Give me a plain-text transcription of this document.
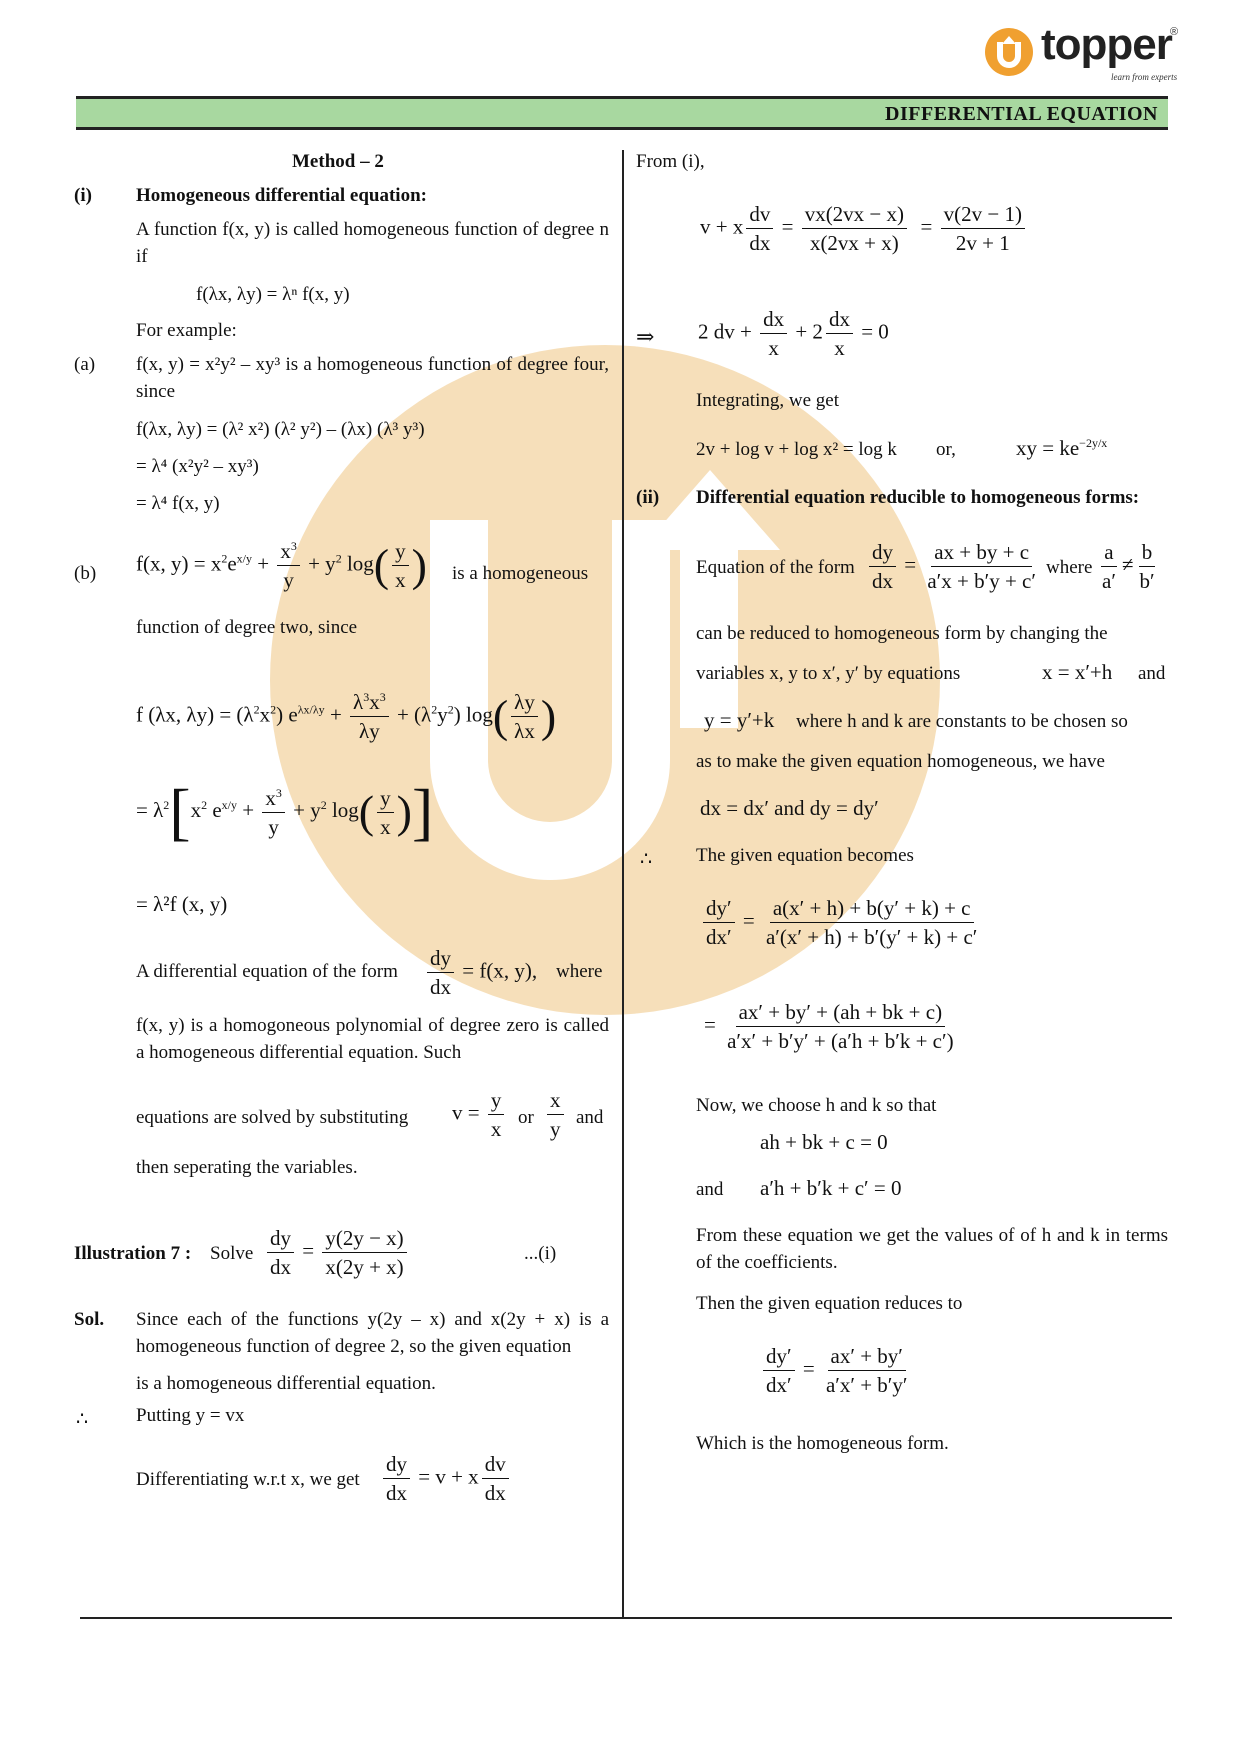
topper
®
learn from experts
DIFFERENTIAL EQUATION
Method – 2
(i) Homogeneous differential equation:
A function f(x, y) is called homogeneous function of degree n if
f(λx, λy) = λⁿ f(x, y)
For example:
(a) f(x, y) = x²y² – xy³ is a homogeneous function of degree four, since
f(λx, λy) = (λ² x²) (λ² y²) – (λx) (λ³ y³)
= λ⁴ (x²y² – xy³)
= λ⁴ f(x, y)
(b) f(x, $y) = x^2e^{x/y} + \frac{x^3}{y} + y^2$ $\log( \frac{y}{x}$ ) is a homogeneous
function of degree two, since
f (λx, $\lambda y) = (\lambda^2x^2) e^{\lambda x/\lambda y} + \frac{\lambda^3x^3}{\lambda y} + (\lambda^2y^2)$ $\log( \frac{\lambda y}{\lambda x}$ )
= $\lambda^2[x^2$ $e^{x/y} + \frac{x^3}{y} + y^2$ $\log( \frac{y}{x}$ )]
= λ²f (x, y)
A differential equation of the form $\frac{dy}{dx} = f(x$, y), where
f(x, y) is a homogoneous polynomial of degree zero is called a homogeneous differential equation. Such
equations are solved by substituting $v = \frac{y}{x}$ or $\frac{x}{y}$ and
then seperating the variables.
Illustration 7 : Solve $\frac{dy}{dx} = \frac{y(2y - x)}{x(2y + x)}$	...(i)
Sol. Since each of the functions y(2y – x) and x(2y + x) is a homogeneous function of degree 2, so the given equation
is a homogeneous differential equation.
∴	Putting y = vx
Differentiating w.r.t x, we get $\frac{dy}{dx} = v + x \frac{dv}{dx}$
From (i),
v + x $\frac{dv}{dx} = \frac{vx(2vx - x)}{x(2vx + x)} = \frac{v(2v - 1)}{2v + 1}$
⇒ 2 dv + $\frac{dx}{x} + 2 \frac{dx}{x} = 0$
Integrating, we get
2v + log v + log x² = log k or,	xy = $ke^{-2y/x}$
(ii) Differential equation reducible to homogeneous forms:
Equation of the form $\frac{dy}{dx} = \frac{ax + by + c}{a'x + b'y + c'}$ where $\frac{a}{a'} \ne \frac{b}{b'}$
can be reduced to homogeneous form by changing the
variables x, y to x′, y′ by equations	x = x′+h and
y = y′+k where h and k are constants to be chosen so
as to make the given equation homogeneous, we have
dx = dx′ and dy = dy′
∴ The given equation becomes
$\frac{dy'}{dx'} = \frac{a(x' + h) + b(y' + k) + c}{a'(x' + h) + b'(y' + k) + c'}$
= $\frac{ax' + by' + (ah + bk + c)}{a'x' + b'y' + (a'h + b'k + c')}$
Now, we choose h and k so that
ah + bk + c = 0
and a′h + b′k + c′ = 0
From these equation we get the values of of h and k in terms of the coefficients.
Then the given equation reduces to
$\frac{dy'}{dx'} = \frac{ax' + by'}{a'x' + b'y'}$
Which is the homogeneous form.
